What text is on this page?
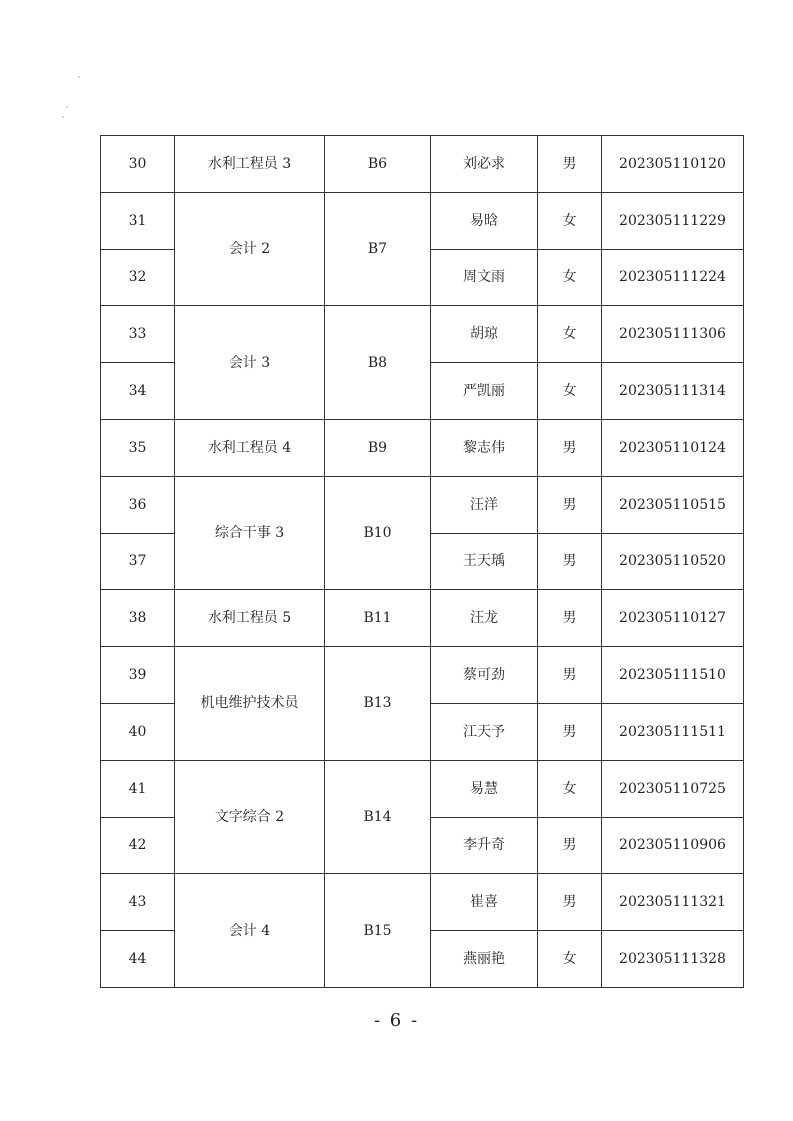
30	水利工程员 3	B6	刘必求	男	202305110120
31	会计 2	B7	易晗	女	202305111229
32			周文雨	女	202305111224
33	会计 3	B8	胡琼	女	202305111306
34			严凯丽	女	202305111314
35	水利工程员 4	B9	黎志伟	男	202305110124
36	综合干事 3	B10	汪洋	男	202305110515
37			王天瑀	男	202305110520
38	水利工程员 5	B11	汪龙	男	202305110127
39	机电维护技术员	B13	蔡可劲	男	202305111510
40			江天予	男	202305111511
41	文字综合 2	B14	易慧	女	202305110725
42			李升奇	男	202305110906
43	会计 4	B15	崔喜	男	202305111321
44			燕丽艳	女	202305111328
- 6 -
